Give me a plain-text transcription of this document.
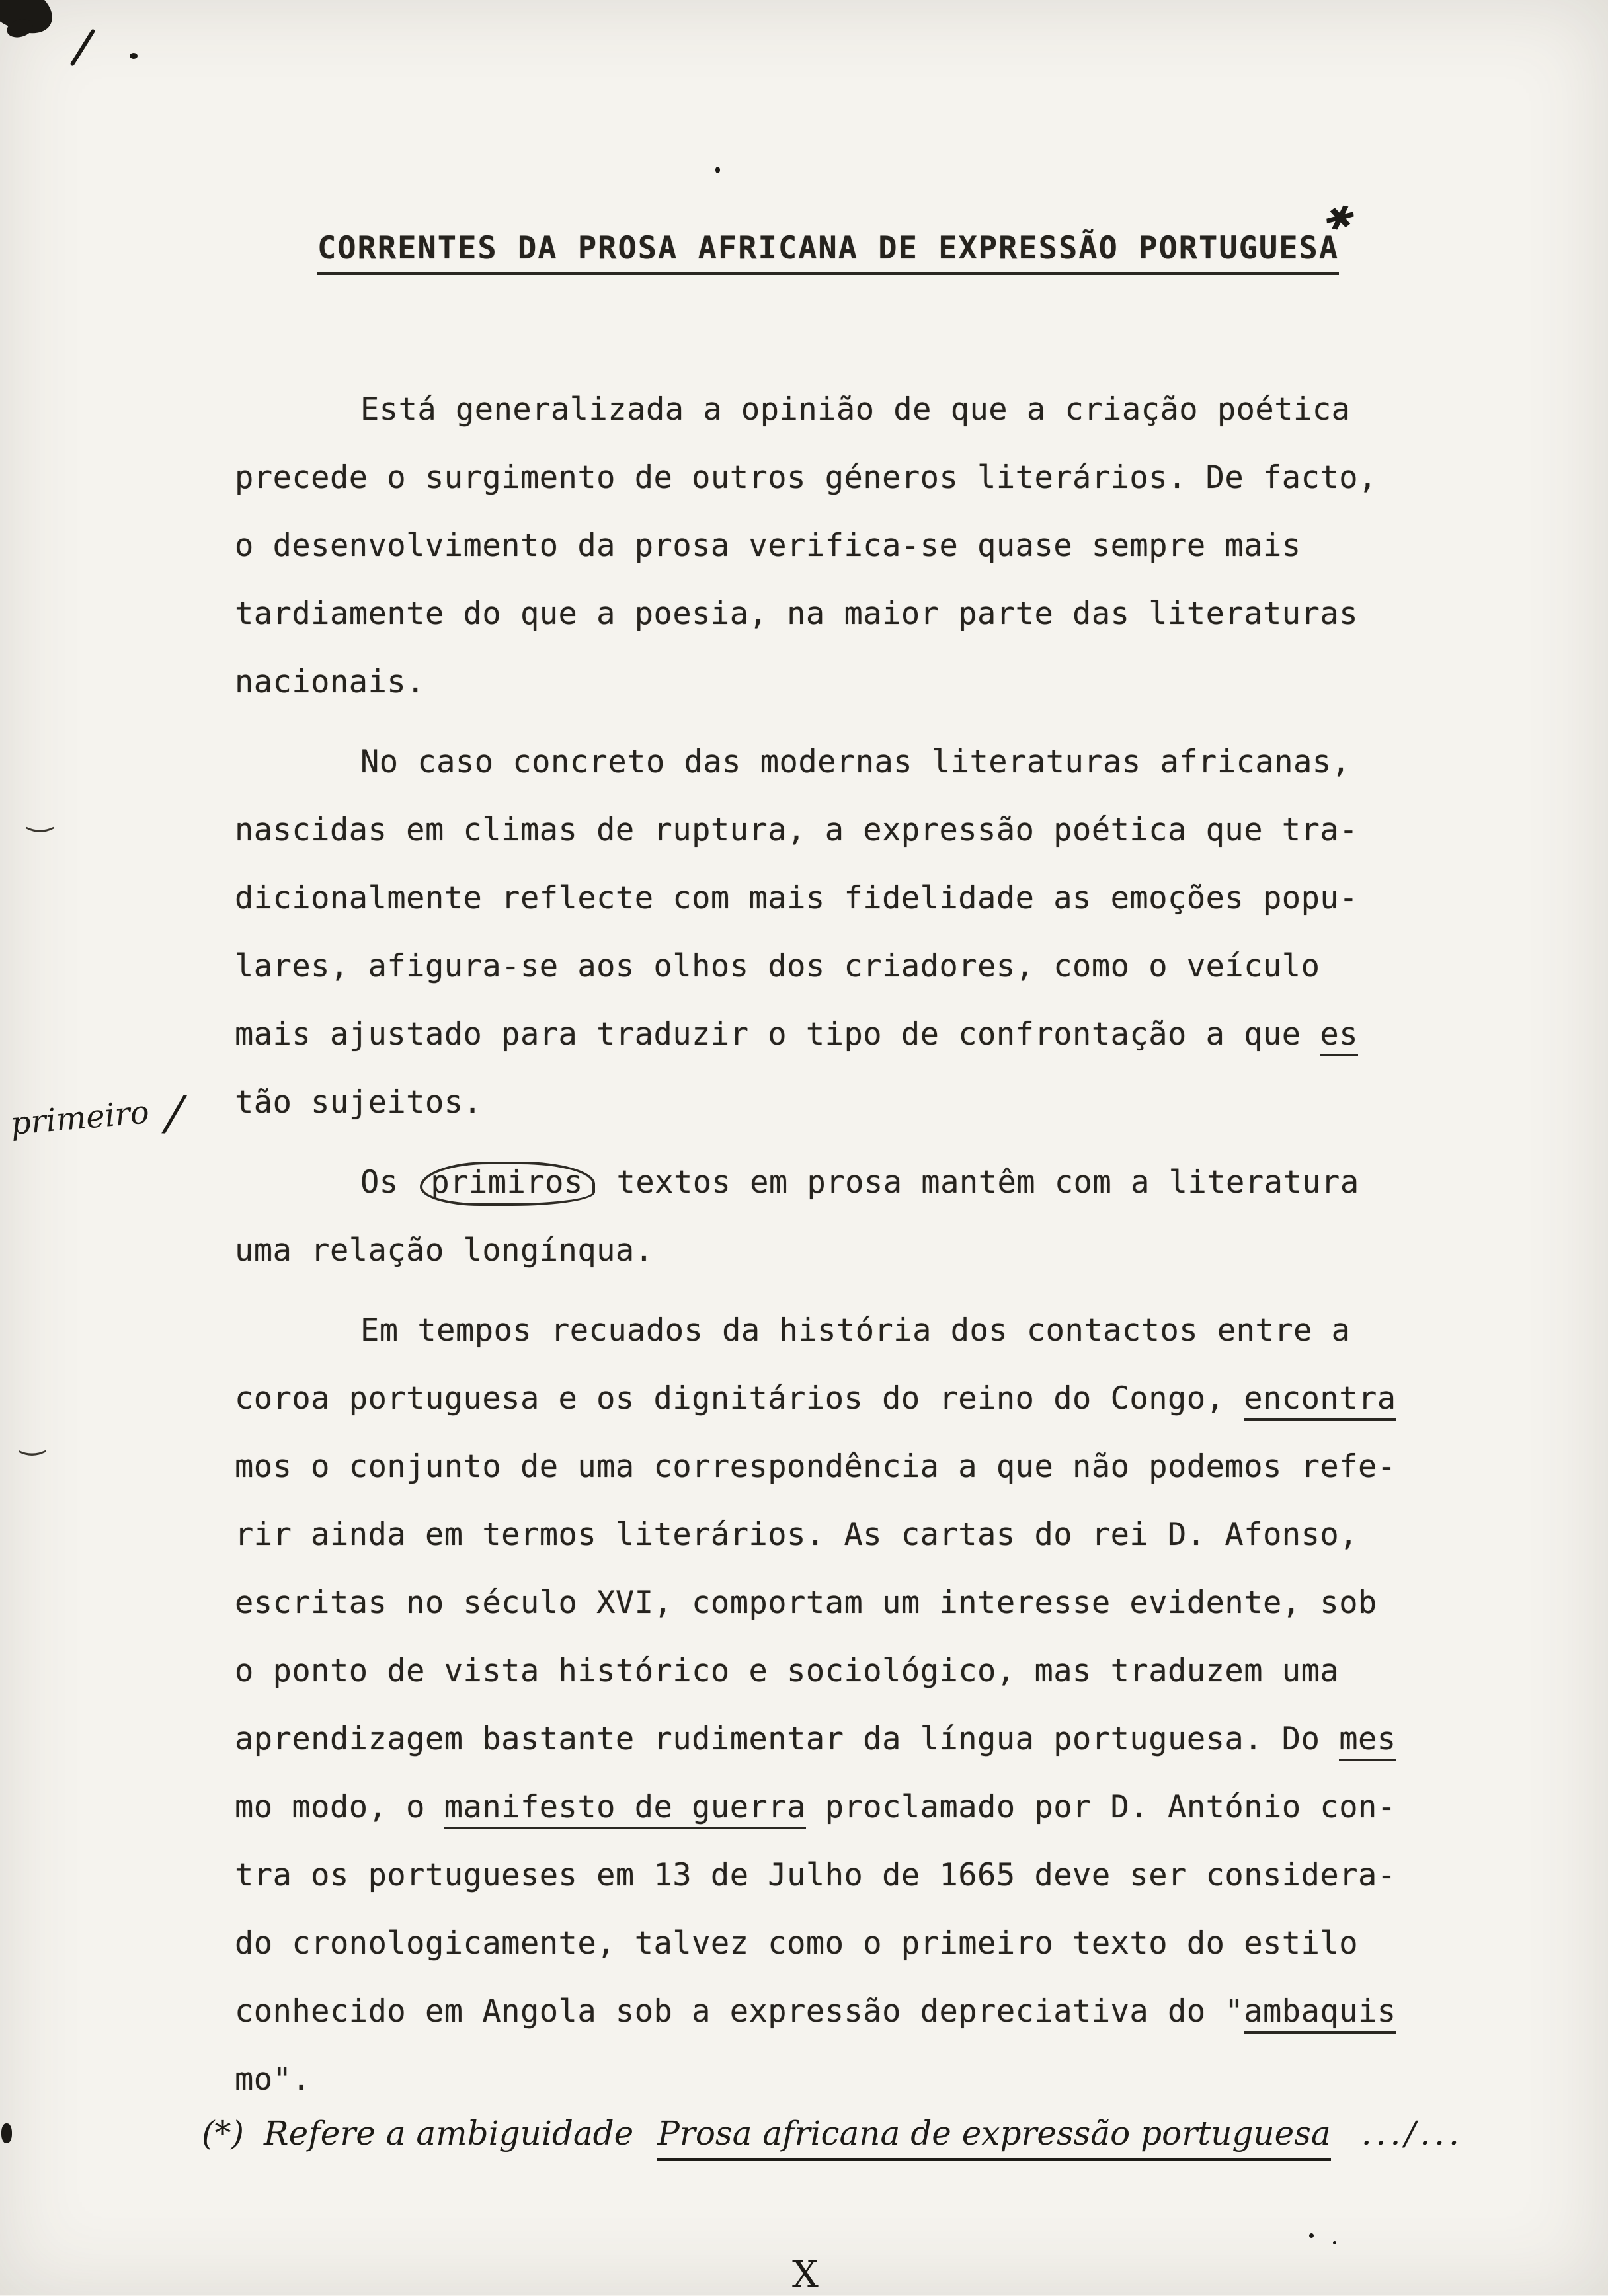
‿
‿
CORRENTES DA PROSA AFRICANA DE EXPRESSÃO PORTUGUESA
✱
Está generalizada a opinião de que a criação poética
precede o surgimento de outros géneros literários. De facto,
o desenvolvimento da prosa verifica-se quase sempre mais
tardiamente do que a poesia, na maior parte das literaturas
nacionais.
No caso concreto das modernas literaturas africanas,
nascidas em climas de ruptura, a expressão poética que tra-
dicionalmente reflecte com mais fidelidade as emoções popu-
lares, afigura-se aos olhos dos criadores, como o veículo
mais ajustado para traduzir o tipo de confrontação a que es
tão sujeitos.
Os primiros textos em prosa mantêm com a literatura
uma relação longínqua.
Em tempos recuados da história dos contactos entre a
coroa portuguesa e os dignitários do reino do Congo, encontra
mos o conjunto de uma correspondência a que não podemos refe-
rir ainda em termos literários. As cartas do rei D. Afonso,
escritas no século XVI, comportam um interesse evidente, sob
o ponto de vista histórico e sociológico, mas traduzem uma
aprendizagem bastante rudimentar da língua portuguesa. Do mes
mo modo, o manifesto de guerra proclamado por D. António con-
tra os portugueses em 13 de Julho de 1665 deve ser considera-
do cronologicamente, talvez como o primeiro texto do estilo
conhecido em Angola sob a expressão depreciativa do "ambaquis
mo".
primeiro /
(*) Refere a ambiguidade Prosa africana de expressão portuguesa .../...
X
